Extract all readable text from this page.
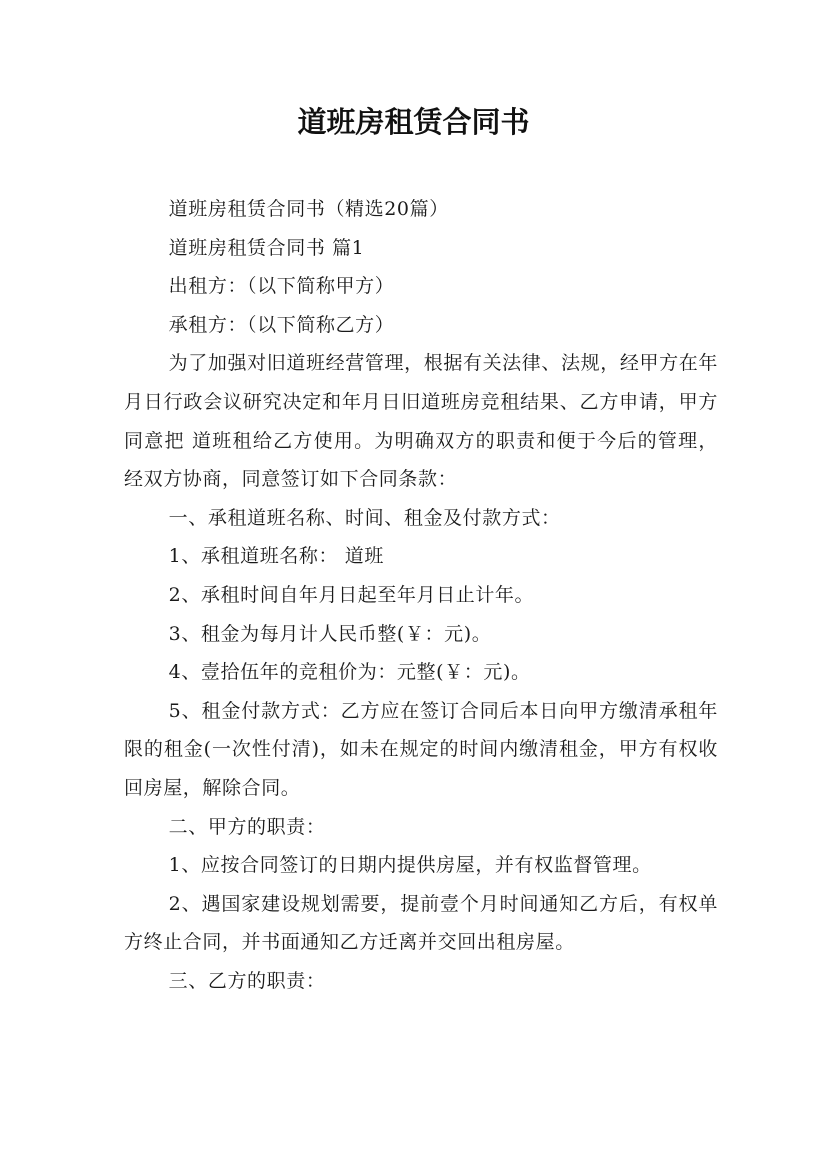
道班房租赁合同书

道班房租赁合同书（精选20篇）

道班房租赁合同书 篇1

出租方：（以下简称甲方）

承租方：（以下简称乙方）

为了加强对旧道班经营管理，根据有关法律、法规，经甲方在年月日行政会议研究决定和年月日旧道班房竞租结果、乙方申请，甲方同意把 道班租给乙方使用。为明确双方的职责和便于今后的管理，经双方协商，同意签订如下合同条款：

一、承租道班名称、时间、租金及付款方式：

1、承租道班名称： 道班

2、承租时间自年月日起至年月日止计年。

3、租金为每月计人民币整(￥：元)。

4、壹拾伍年的竞租价为：元整(￥：元)。

5、租金付款方式：乙方应在签订合同后本日向甲方缴清承租年限的租金(一次性付清)，如未在规定的时间内缴清租金，甲方有权收回房屋，解除合同。

二、甲方的职责：

1、应按合同签订的日期内提供房屋，并有权监督管理。

2、遇国家建设规划需要，提前壹个月时间通知乙方后，有权单方终止合同，并书面通知乙方迁离并交回出租房屋。

三、乙方的职责：
